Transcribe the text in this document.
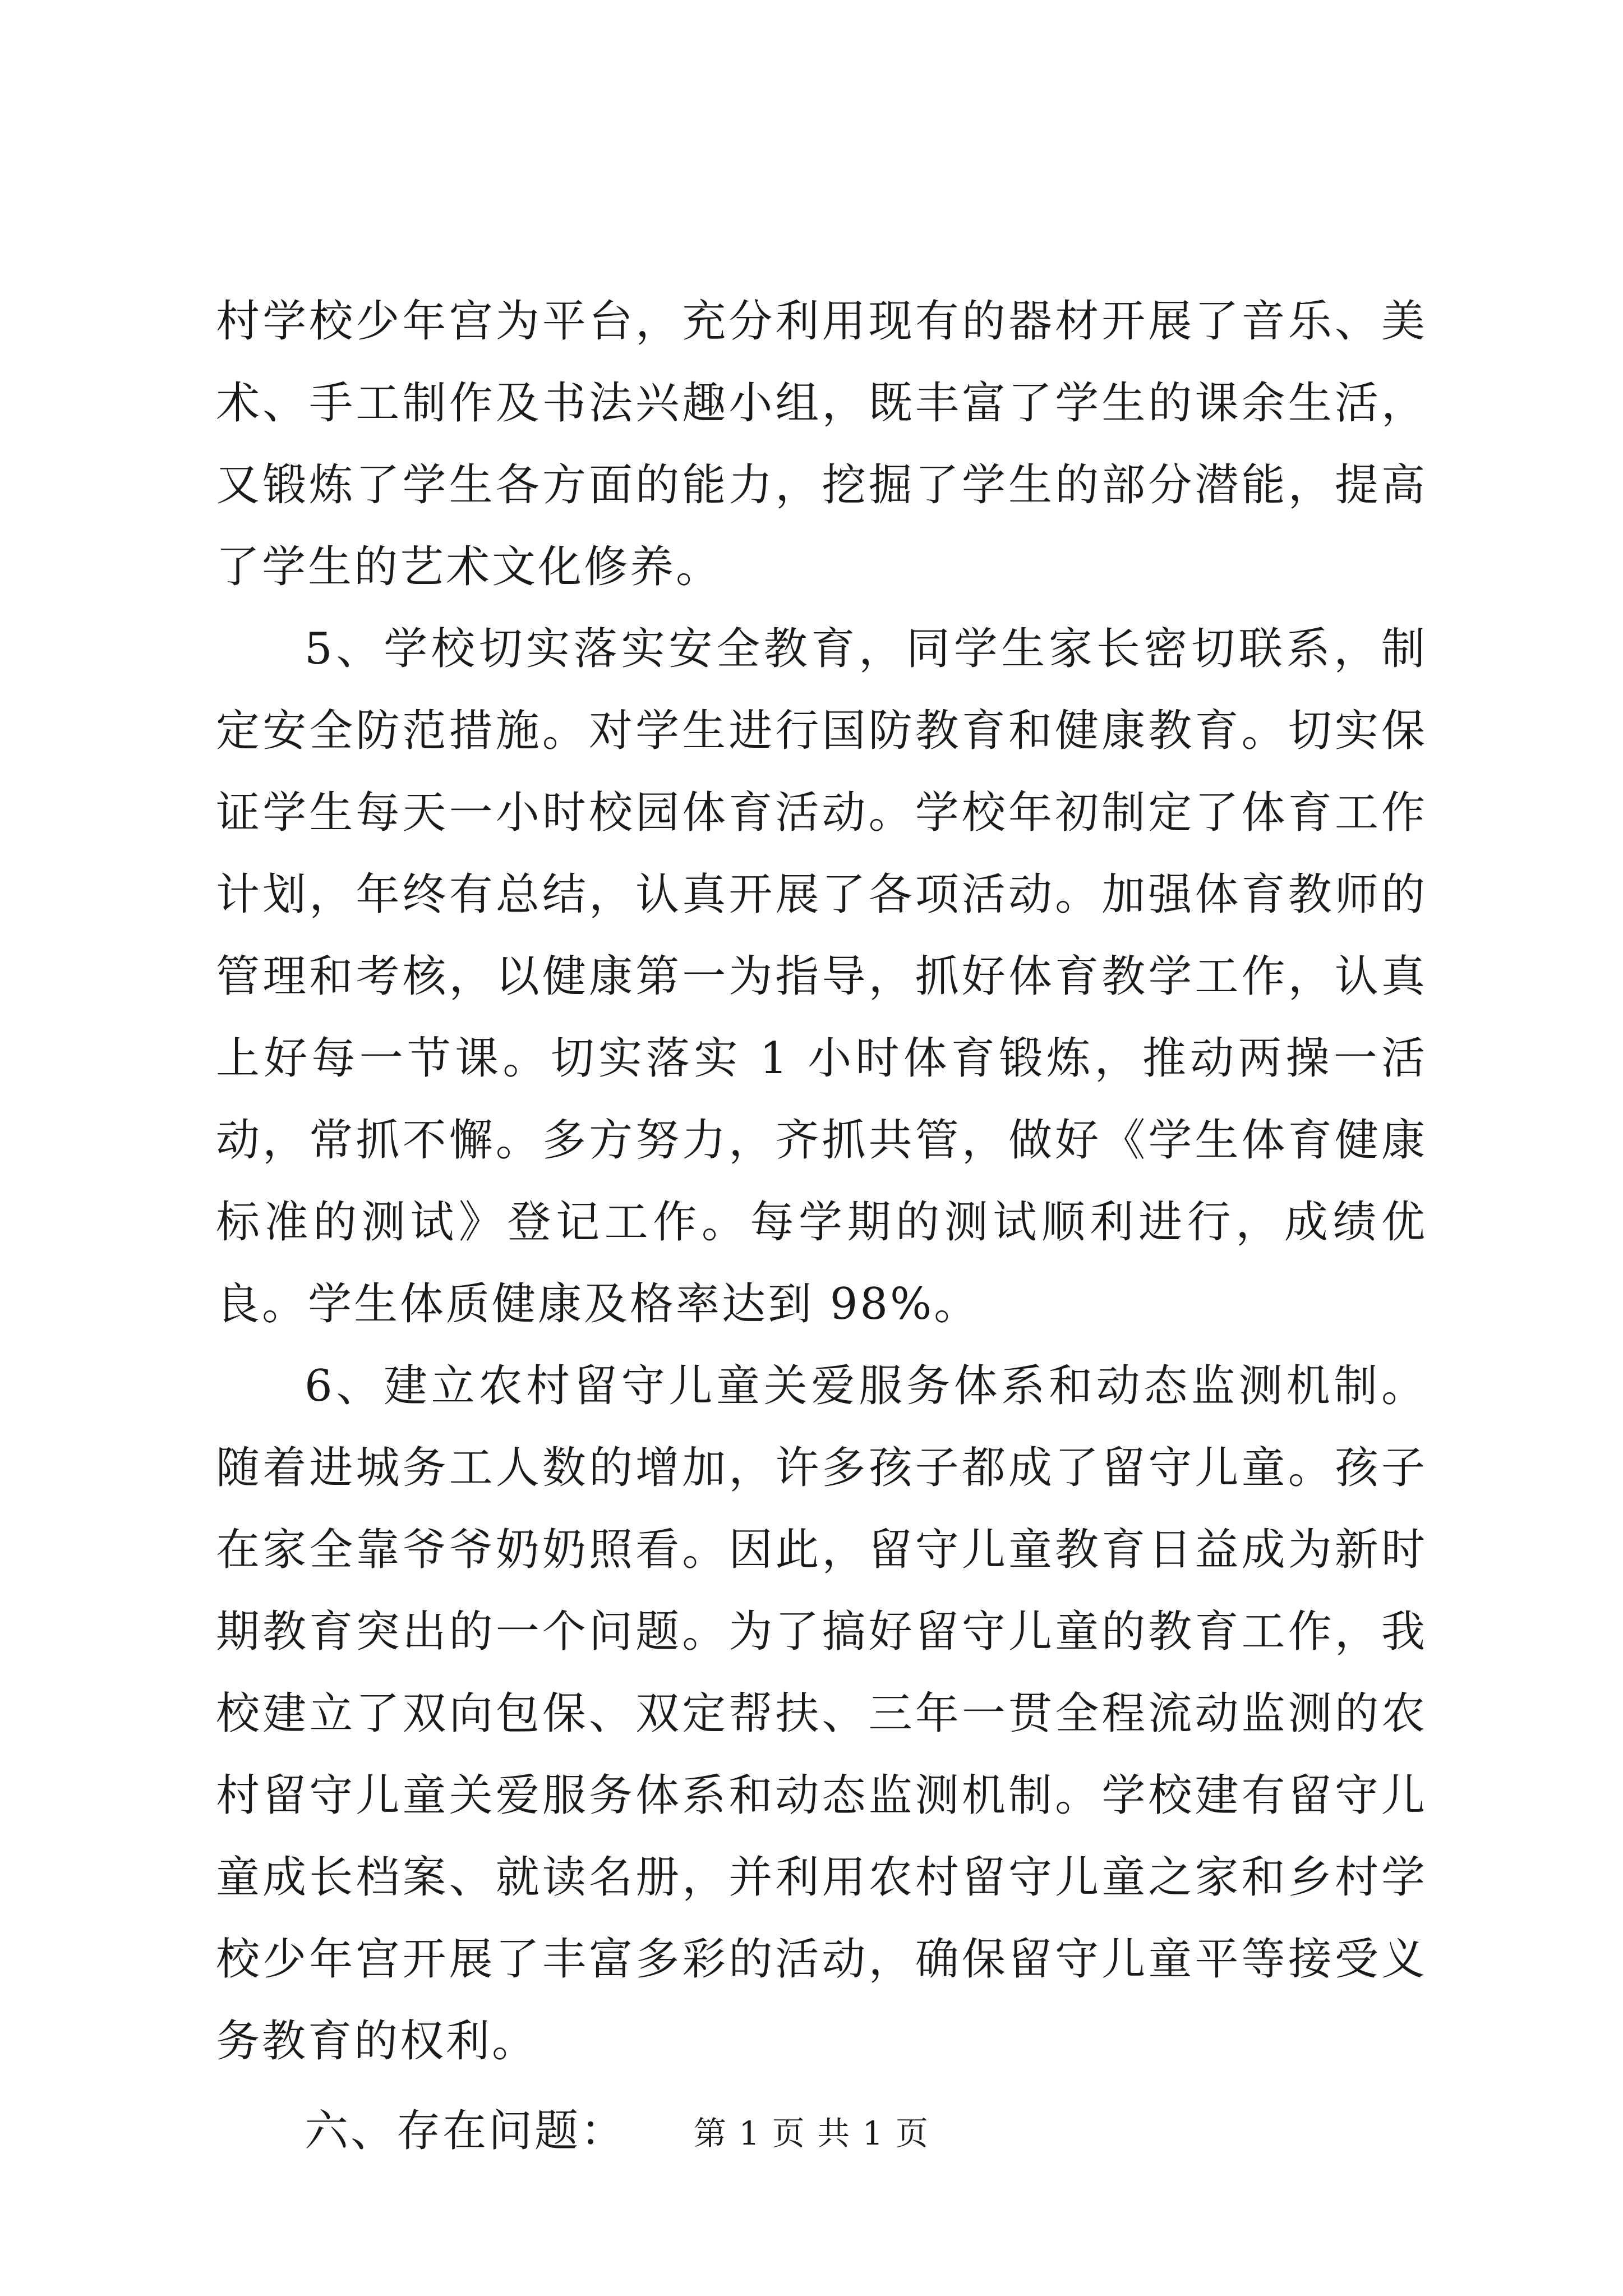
村学校少年宫为平台，充分利用现有的器材开展了音乐、美术、手工制作及书法兴趣小组，既丰富了学生的课余生活，又锻炼了学生各方面的能力，挖掘了学生的部分潜能，提高了学生的艺术文化修养。

5、学校切实落实安全教育，同学生家长密切联系，制定安全防范措施。对学生进行国防教育和健康教育。切实保证学生每天一小时校园体育活动。学校年初制定了体育工作计划，年终有总结，认真开展了各项活动。加强体育教师的管理和考核，以健康第一为指导，抓好体育教学工作，认真上好每一节课。切实落实 1 小时体育锻炼，推动两操一活动，常抓不懈。多方努力，齐抓共管，做好《学生体育健康标准的测试》登记工作。每学期的测试顺利进行，成绩优良。学生体质健康及格率达到 98%。

6、建立农村留守儿童关爱服务体系和动态监测机制。随着进城务工人数的增加，许多孩子都成了留守儿童。孩子在家全靠爷爷奶奶照看。因此，留守儿童教育日益成为新时期教育突出的一个问题。为了搞好留守儿童的教育工作，我校建立了双向包保、双定帮扶、三年一贯全程流动监测的农村留守儿童关爱服务体系和动态监测机制。学校建有留守儿童成长档案、就读名册，并利用农村留守儿童之家和乡村学校少年宫开展了丰富多彩的活动，确保留守儿童平等接受义务教育的权利。

六、存在问题：	第 1 页 共 1 页
